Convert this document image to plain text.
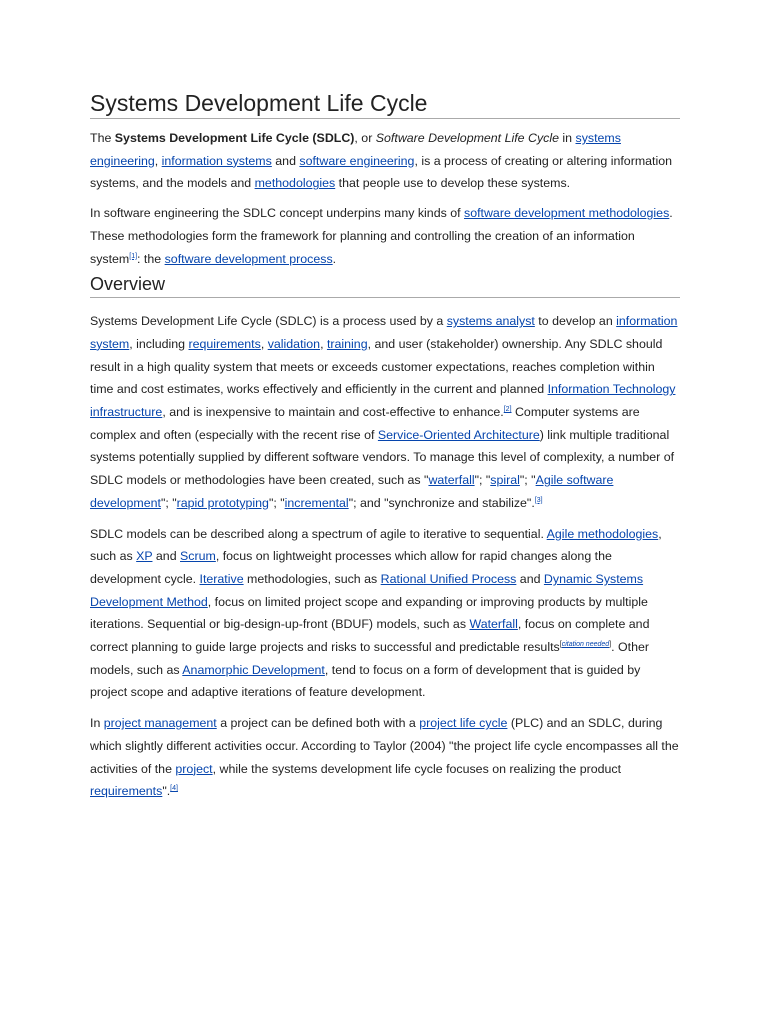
Systems Development Life Cycle

The Systems Development Life Cycle (SDLC), or Software Development Life Cycle in systems engineering, information systems and software engineering, is a process of creating or altering information systems, and the models and methodologies that people use to develop these systems.

In software engineering the SDLC concept underpins many kinds of software development methodologies. These methodologies form the framework for planning and controlling the creation of an information system[1]: the software development process.

Overview

Systems Development Life Cycle (SDLC) is a process used by a systems analyst to develop an information system, including requirements, validation, training, and user (stakeholder) ownership. Any SDLC should result in a high quality system that meets or exceeds customer expectations, reaches completion within time and cost estimates, works effectively and efficiently in the current and planned Information Technology infrastructure, and is inexpensive to maintain and cost-effective to enhance.[2] Computer systems are complex and often (especially with the recent rise of Service-Oriented Architecture) link multiple traditional systems potentially supplied by different software vendors. To manage this level of complexity, a number of SDLC models or methodologies have been created, such as "waterfall"; "spiral"; "Agile software development"; "rapid prototyping"; "incremental"; and "synchronize and stabilize".[3]

SDLC models can be described along a spectrum of agile to iterative to sequential. Agile methodologies, such as XP and Scrum, focus on lightweight processes which allow for rapid changes along the development cycle. Iterative methodologies, such as Rational Unified Process and Dynamic Systems Development Method, focus on limited project scope and expanding or improving products by multiple iterations. Sequential or big-design-up-front (BDUF) models, such as Waterfall, focus on complete and correct planning to guide large projects and risks to successful and predictable results[citation needed]. Other models, such as Anamorphic Development, tend to focus on a form of development that is guided by project scope and adaptive iterations of feature development.

In project management a project can be defined both with a project life cycle (PLC) and an SDLC, during which slightly different activities occur. According to Taylor (2004) "the project life cycle encompasses all the activities of the project, while the systems development life cycle focuses on realizing the product requirements".[4]
